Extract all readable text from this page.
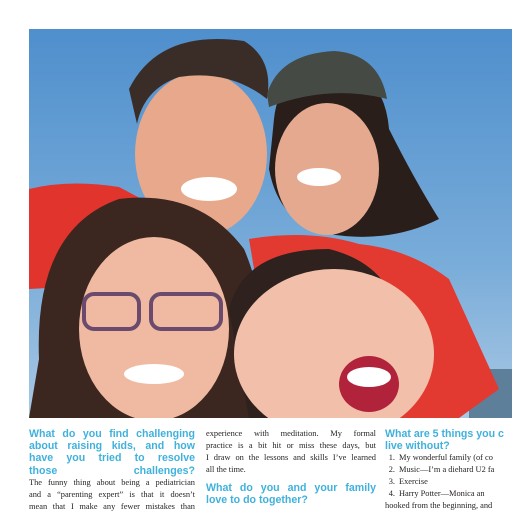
What do you find challenging
about raising kids, and how
have you tried to resolve
those challenges?

The funny thing about being a pediatrician
and a “parenting expert” is that it doesn’t
mean that I make any fewer mistakes than

experience with meditation. My formal
practice is a bit hit or miss these days, but
I draw on the lessons and skills I’ve learned
all the time.

What do you and your family
love to do together?
What are 5 things you c
live without?
1. My wonderful family (of co
2. Music—I’m a diehard U2 fa
3. Exercise
4. Harry Potter—Monica an

hooked from the beginning, and
